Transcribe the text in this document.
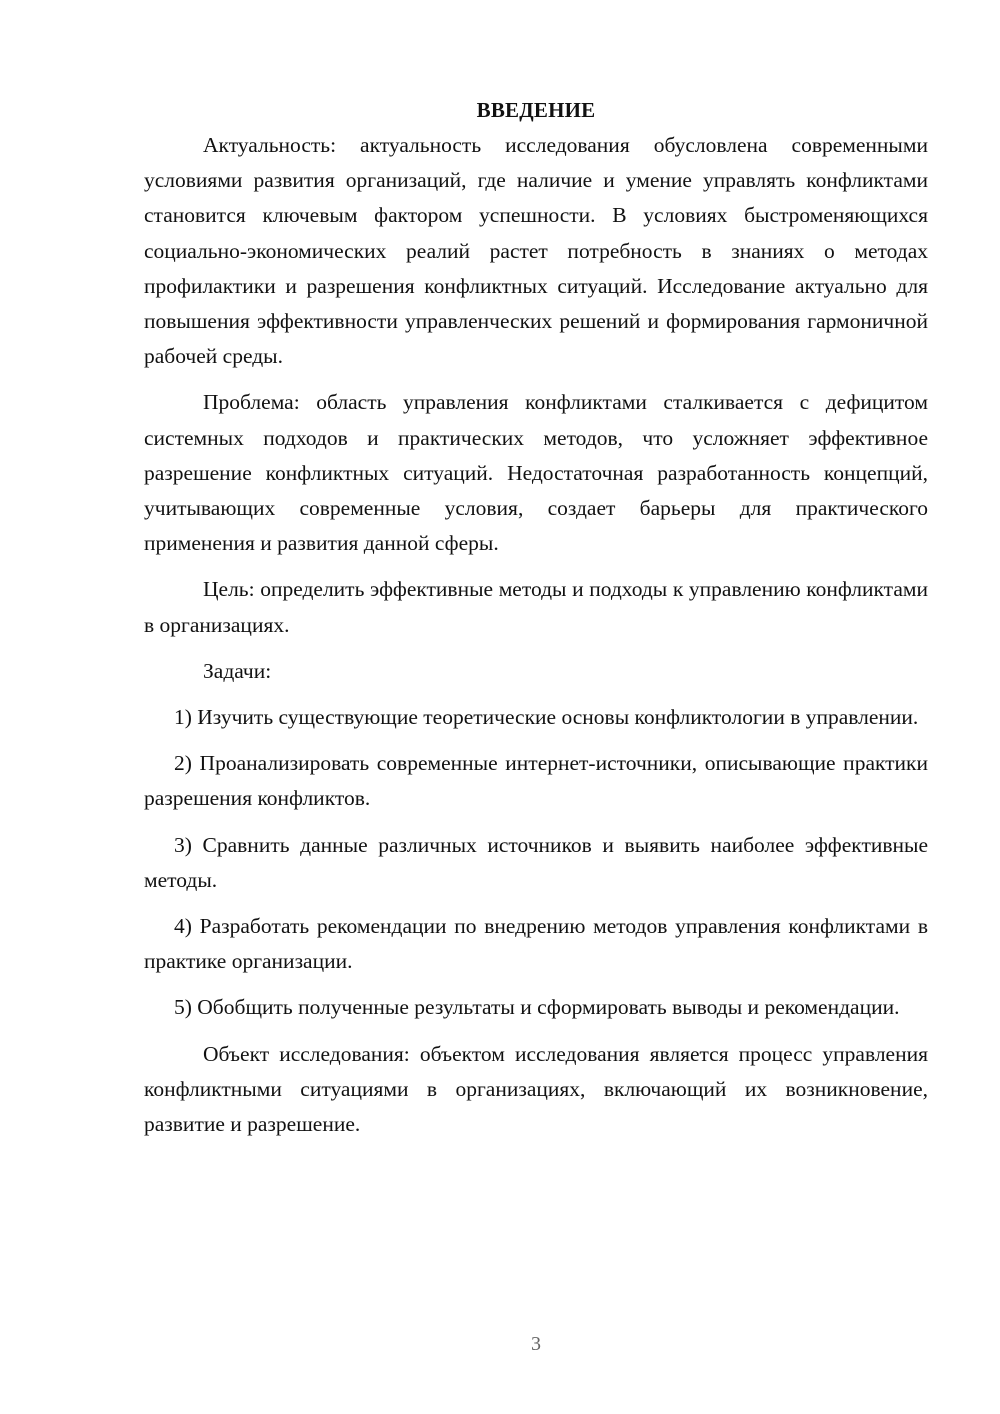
ВВЕДЕНИЕ

Актуальность: актуальность исследования обусловлена современными условиями развития организаций, где наличие и умение управлять конфликтами становится ключевым фактором успешности. В условиях быстроменяющихся социально-экономических реалий растет потребность в знаниях о методах профилактики и разрешения конфликтных ситуаций. Исследование актуально для повышения эффективности управленческих решений и формирования гармоничной рабочей среды.

Проблема: область управления конфликтами сталкивается с дефицитом системных подходов и практических методов, что усложняет эффективное разрешение конфликтных ситуаций. Недостаточная разработанность концепций, учитывающих современные условия, создает барьеры для практического применения и развития данной сферы.

Цель: определить эффективные методы и подходы к управлению конфликтами в организациях.

Задачи:

1) Изучить существующие теоретические основы конфликтологии в управлении.

2) Проанализировать современные интернет-источники, описывающие практики разрешения конфликтов.

3) Сравнить данные различных источников и выявить наиболее эффективные методы.

4) Разработать рекомендации по внедрению методов управления конфликтами в практике организации.

5) Обобщить полученные результаты и сформировать выводы и рекомендации.

Объект исследования: объектом исследования является процесс управления конфликтными ситуациями в организациях, включающий их возникновение, развитие и разрешение.

3
